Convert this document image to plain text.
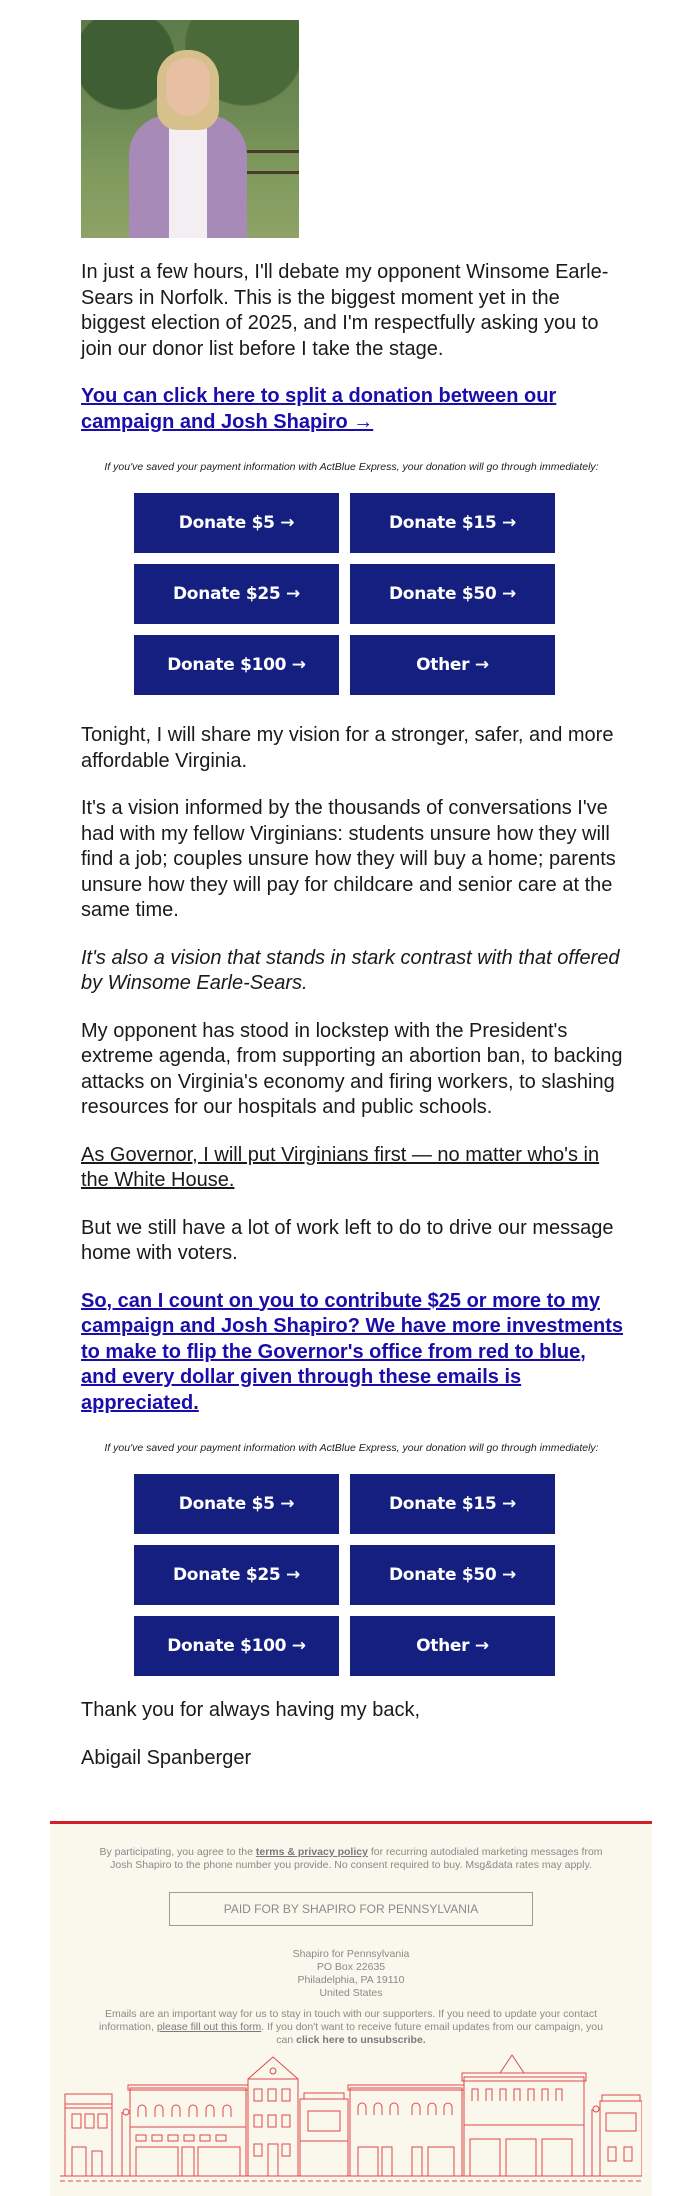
In just a few hours, I'll debate my opponent Winsome Earle-Sears in Norfolk. This is the biggest moment yet in the biggest election of 2025, and I'm respectfully asking you to join our donor list before I take the stage.

You can click here to split a donation between our campaign and Josh Shapiro →
If you've saved your payment information with ActBlue Express, your donation will go through immediately:
Donate $5 →	Donate $15 →
Donate $25 →	Donate $50 →
Donate $100 →	Other →

Tonight, I will share my vision for a stronger, safer, and more affordable Virginia.

It's a vision informed by the thousands of conversations I've had with my fellow Virginians: students unsure how they will find a job; couples unsure how they will buy a home; parents unsure how they will pay for childcare and senior care at the same time.

It's also a vision that stands in stark contrast with that offered by Winsome Earle-Sears.

My opponent has stood in lockstep with the President's extreme agenda, from supporting an abortion ban, to backing attacks on Virginia's economy and firing workers, to slashing resources for our hospitals and public schools.

As Governor, I will put Virginians first — no matter who's in the White House.

But we still have a lot of work left to do to drive our message home with voters.

So, can I count on you to contribute $25 or more to my campaign and Josh Shapiro? We have more investments to make to flip the Governor's office from red to blue, and every dollar given through these emails is appreciated.
If you've saved your payment information with ActBlue Express, your donation will go through immediately:
Donate $5 →	Donate $15 →
Donate $25 →	Donate $50 →
Donate $100 →	Other →

Thank you for always having my back,

Abigail Spanberger

By participating, you agree to the terms & privacy policy for recurring autodialed marketing messages from Josh Shapiro to the phone number you provide. No consent required to buy. Msg&data rates may apply.
PAID FOR BY SHAPIRO FOR PENNSYLVANIA
Shapiro for Pennsylvania
PO Box 22635
Philadelphia, PA 19110
United States
Emails are an important way for us to stay in touch with our supporters. If you need to update your contact information, please fill out this form. If you don't want to receive future email updates from our campaign, you can click here to unsubscribe.
